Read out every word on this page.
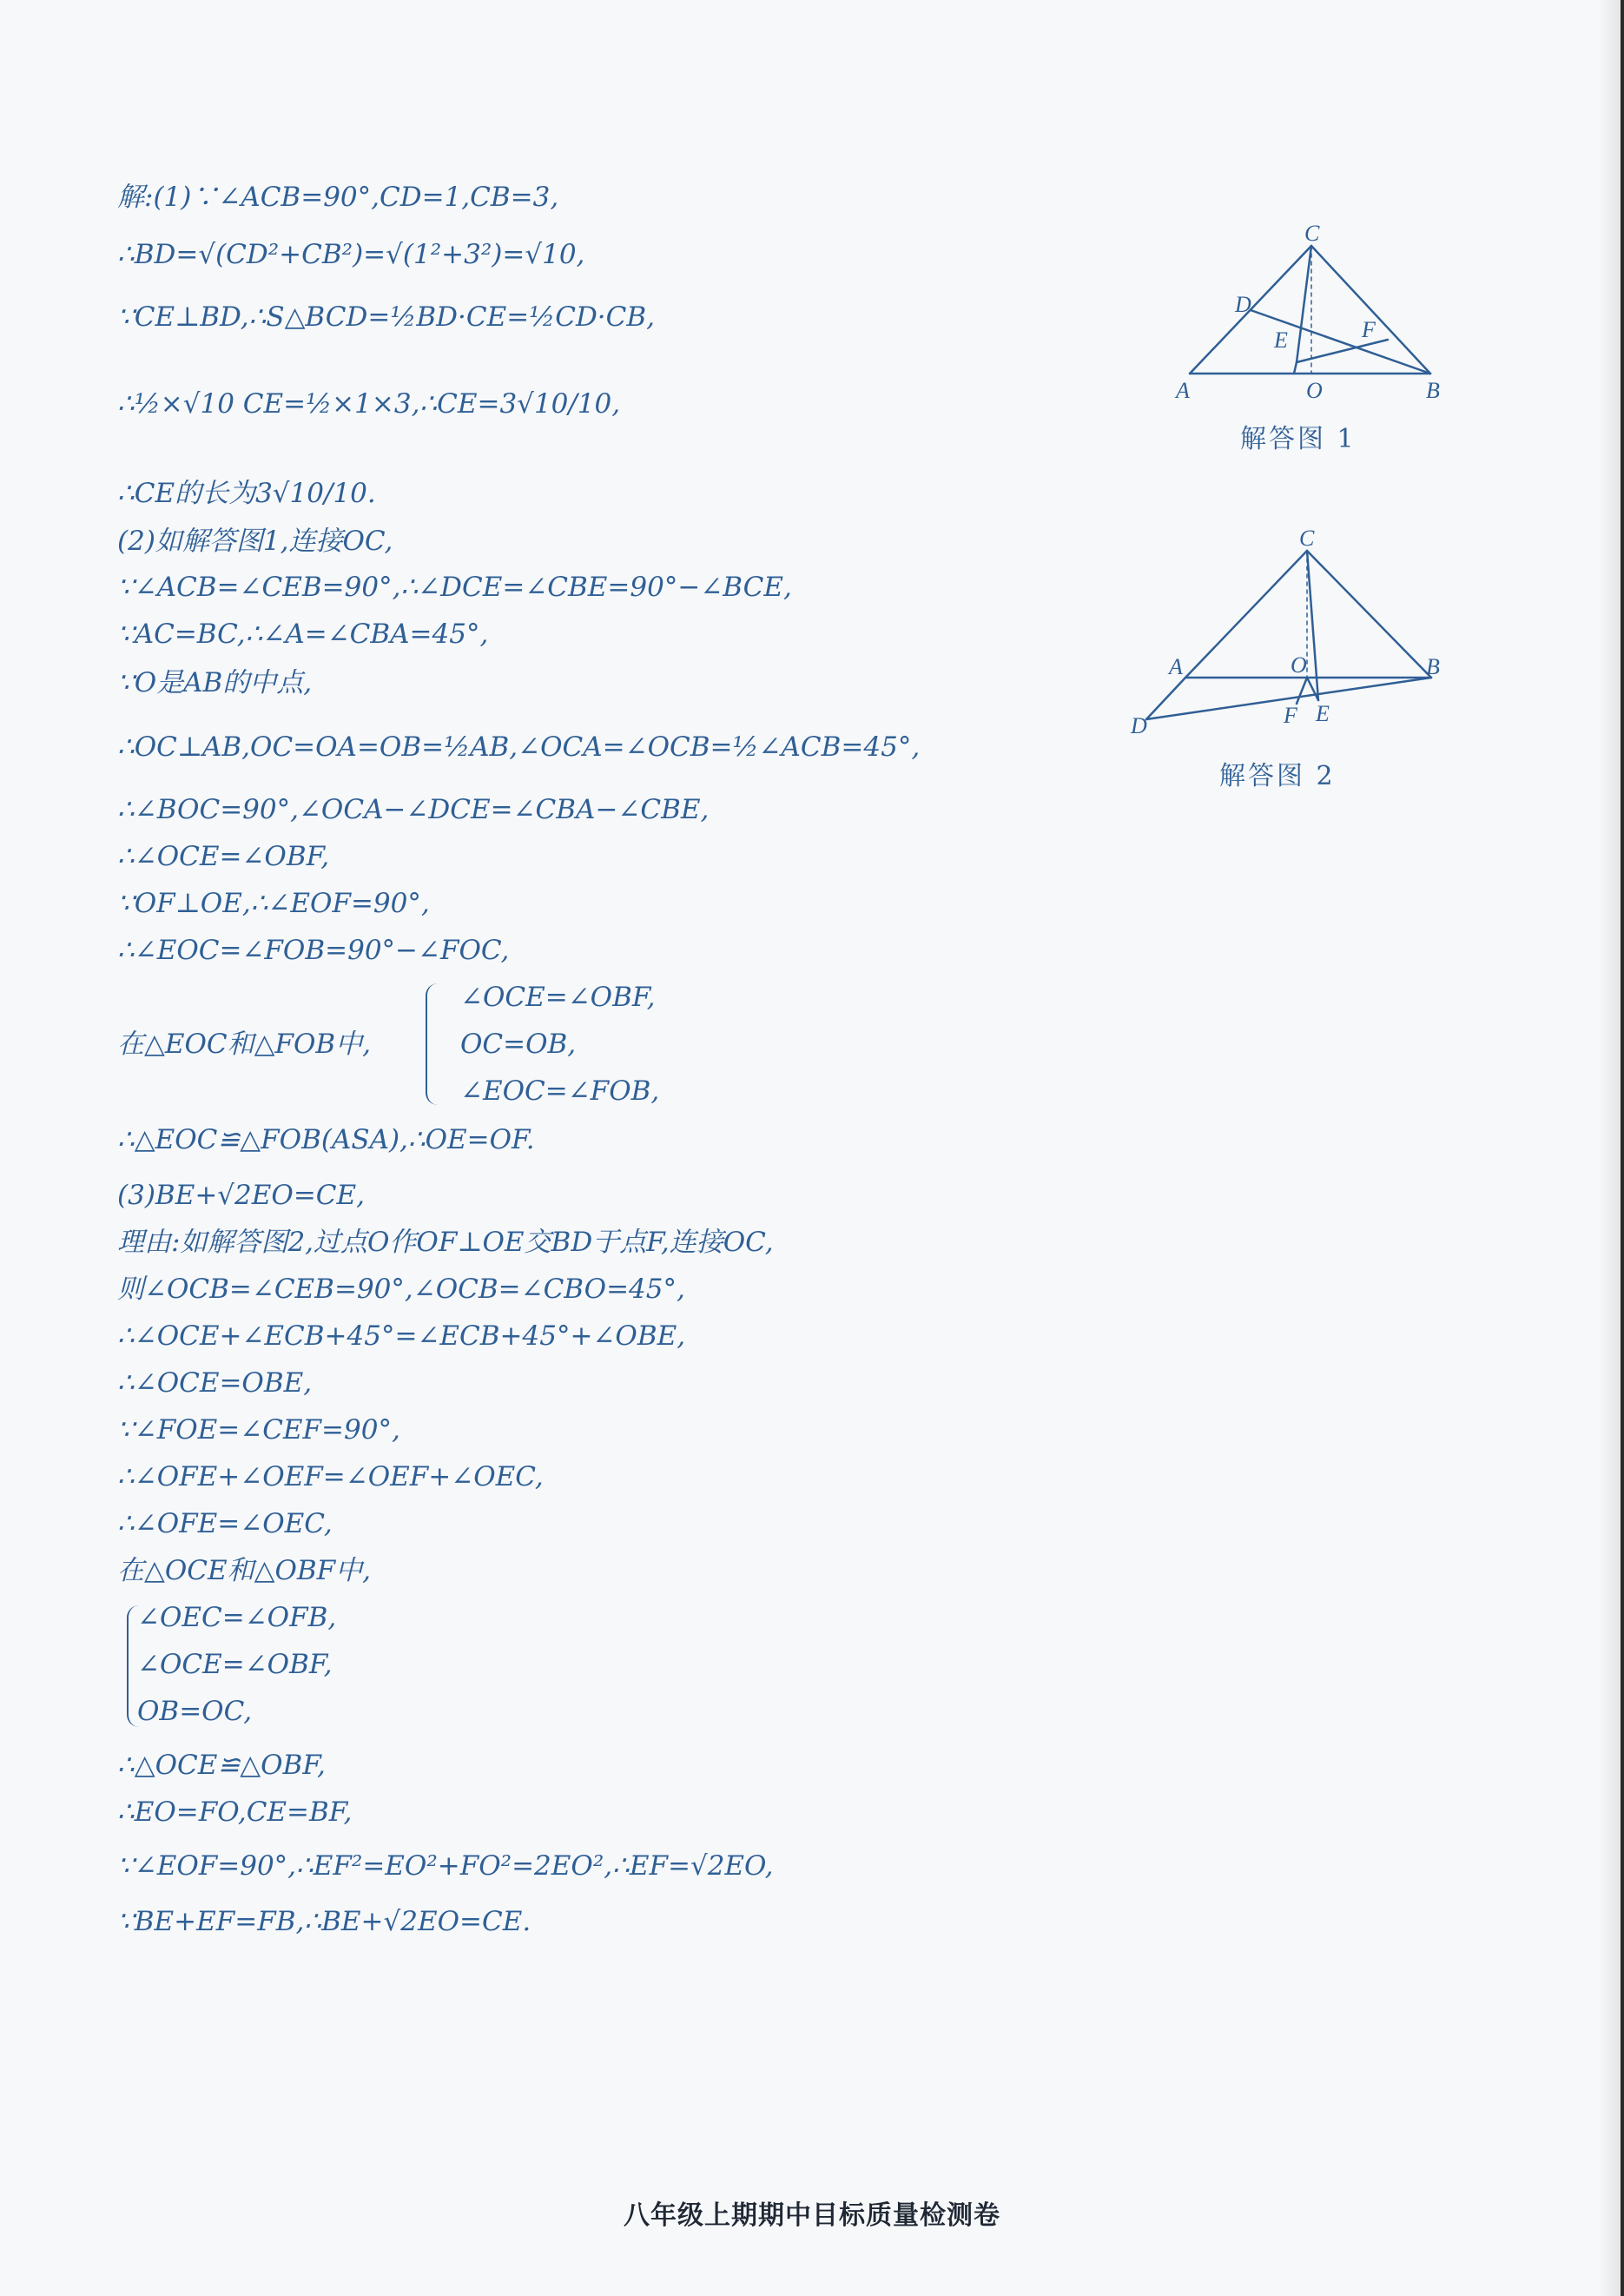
解:(1)∵∠ACB=90°,CD=1,CB=3,
∴BD=√(CD²+CB²)=√(1²+3²)=√10,
∵CE⊥BD,∴S△BCD=½BD·CE=½CD·CB,
∴½×√10 CE=½×1×3,∴CE=3√10/10,
∴CE的长为3√10/10.
(2)如解答图1,连接OC,
∵∠ACB=∠CEB=90°,∴∠DCE=∠CBE=90°−∠BCE,
∵AC=BC,∴∠A=∠CBA=45°,
∵O是AB的中点,
∴OC⊥AB,OC=OA=OB=½AB,∠OCA=∠OCB=½∠ACB=45°,
∴∠BOC=90°,∠OCA−∠DCE=∠CBA−∠CBE,
∴∠OCE=∠OBF,
∵OF⊥OE,∴∠EOF=90°,
∴∠EOC=∠FOB=90°−∠FOC,
在△EOC和△FOB中,
∠OCE=∠OBF,
OC=OB,
∠EOC=∠FOB,
∴△EOC≌△FOB(ASA),∴OE=OF.
(3)BE+√2EO=CE,
理由:如解答图2,过点O作OF⊥OE交BD于点F,连接OC,
则∠OCB=∠CEB=90°,∠OCB=∠CBO=45°,
∴∠OCE+∠ECB+45°=∠ECB+45°+∠OBE,
∴∠OCE=OBE,
∵∠FOE=∠CEF=90°,
∴∠OFE+∠OEF=∠OEF+∠OEC,
∴∠OFE=∠OEC,
在△OCE和△OBF中,
∠OEC=∠OFB,
∠OCE=∠OBF,
OB=OC,
∴△OCE≌△OBF,
∴EO=FO,CE=BF,
∵∠EOF=90°,∴EF²=EO²+FO²=2EO²,∴EF=√2EO,
∵BE+EF=FB,∴BE+√2EO=CE.
C
D
E	F
A	O	B
解答图 1
C
A	O	B
D	F E
解答图 2
八年级上期期中目标质量检测卷
